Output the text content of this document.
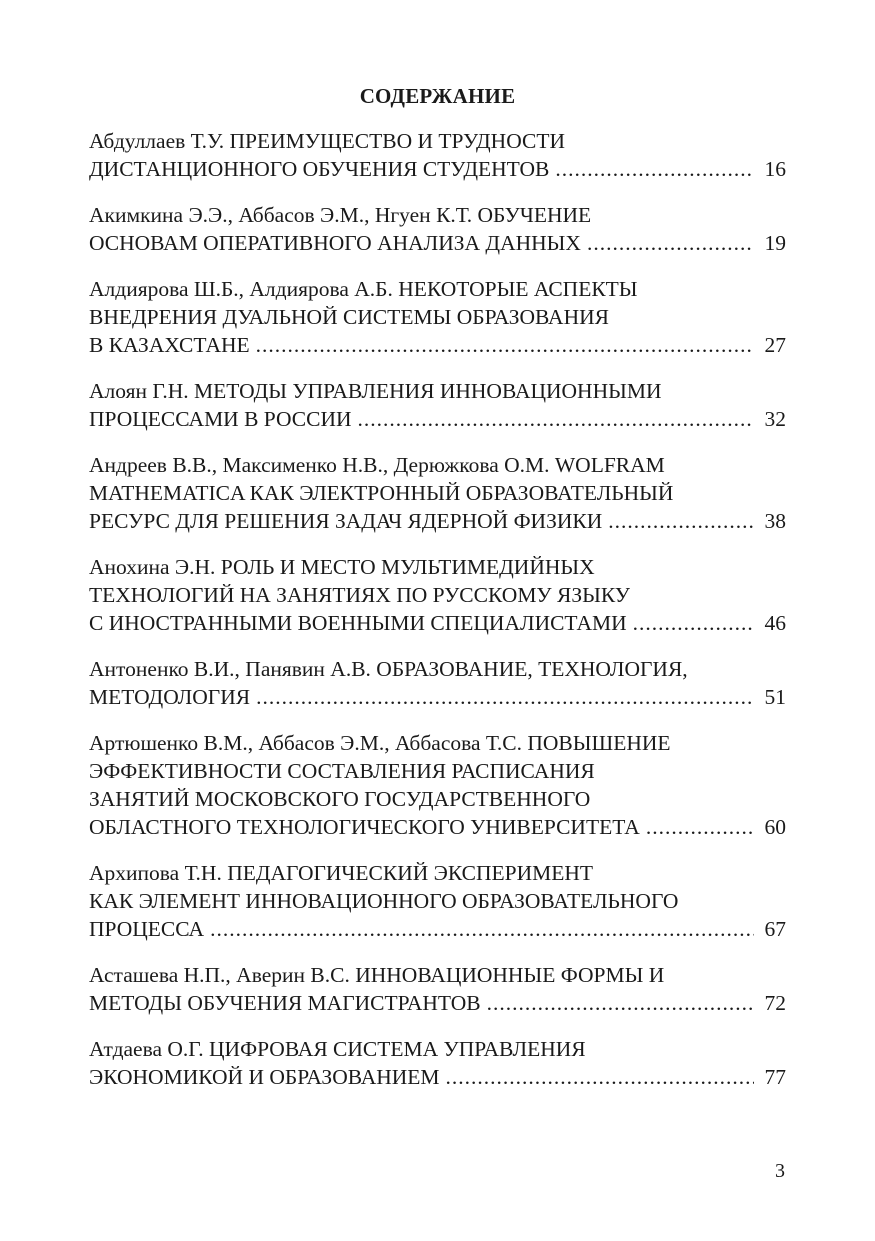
СОДЕРЖАНИЕ
Абдуллаев Т.У. ПРЕИМУЩЕСТВО И ТРУДНОСТИ
ДИСТАНЦИОННОГО ОБУЧЕНИЯ СТУДЕНТОВ .....	16
Акимкина Э.Э., Аббасов Э.М., Нгуен К.Т. ОБУЧЕНИЕ
ОСНОВАМ ОПЕРАТИВНОГО АНАЛИЗА ДАННЫХ .....	19
Алдиярова Ш.Б., Алдиярова А.Б. НЕКОТОРЫЕ АСПЕКТЫ
ВНЕДРЕНИЯ ДУАЛЬНОЙ СИСТЕМЫ ОБРАЗОВАНИЯ
В КАЗАХСТАНЕ .....	27
Алоян Г.Н. МЕТОДЫ УПРАВЛЕНИЯ ИННОВАЦИОННЫМИ
ПРОЦЕССАМИ В РОССИИ .....	32
Андреев В.В., Максименко Н.В., Дерюжкова О.М. WOLFRAM
MATHEMATICA КАК ЭЛЕКТРОННЫЙ ОБРАЗОВАТЕЛЬНЫЙ
РЕСУРС ДЛЯ РЕШЕНИЯ ЗАДАЧ ЯДЕРНОЙ ФИЗИКИ .....	38
Анохина Э.Н. РОЛЬ И МЕСТО МУЛЬТИМЕДИЙНЫХ
ТЕХНОЛОГИЙ НА ЗАНЯТИЯХ ПО РУССКОМУ ЯЗЫКУ
С ИНОСТРАННЫМИ ВОЕННЫМИ СПЕЦИАЛИСТАМИ .....	46
Антоненко В.И., Панявин А.В. ОБРАЗОВАНИЕ, ТЕХНОЛОГИЯ,
МЕТОДОЛОГИЯ .....	51
Артюшенко В.М., Аббасов Э.М., Аббасова Т.С. ПОВЫШЕНИЕ
ЭФФЕКТИВНОСТИ СОСТАВЛЕНИЯ РАСПИСАНИЯ
ЗАНЯТИЙ МОСКОВСКОГО ГОСУДАРСТВЕННОГО
ОБЛАСТНОГО ТЕХНОЛОГИЧЕСКОГО УНИВЕРСИТЕТА .....	60
Архипова Т.Н. ПЕДАГОГИЧЕСКИЙ ЭКСПЕРИМЕНТ
КАК ЭЛЕМЕНТ ИННОВАЦИОННОГО ОБРАЗОВАТЕЛЬНОГО
ПРОЦЕССА .....	67
Асташева Н.П., Аверин В.С. ИННОВАЦИОННЫЕ ФОРМЫ И
МЕТОДЫ ОБУЧЕНИЯ МАГИСТРАНТОВ .....	72
Атдаева О.Г. ЦИФРОВАЯ СИСТЕМА УПРАВЛЕНИЯ
ЭКОНОМИКОЙ И ОБРАЗОВАНИЕМ .....	77
3
